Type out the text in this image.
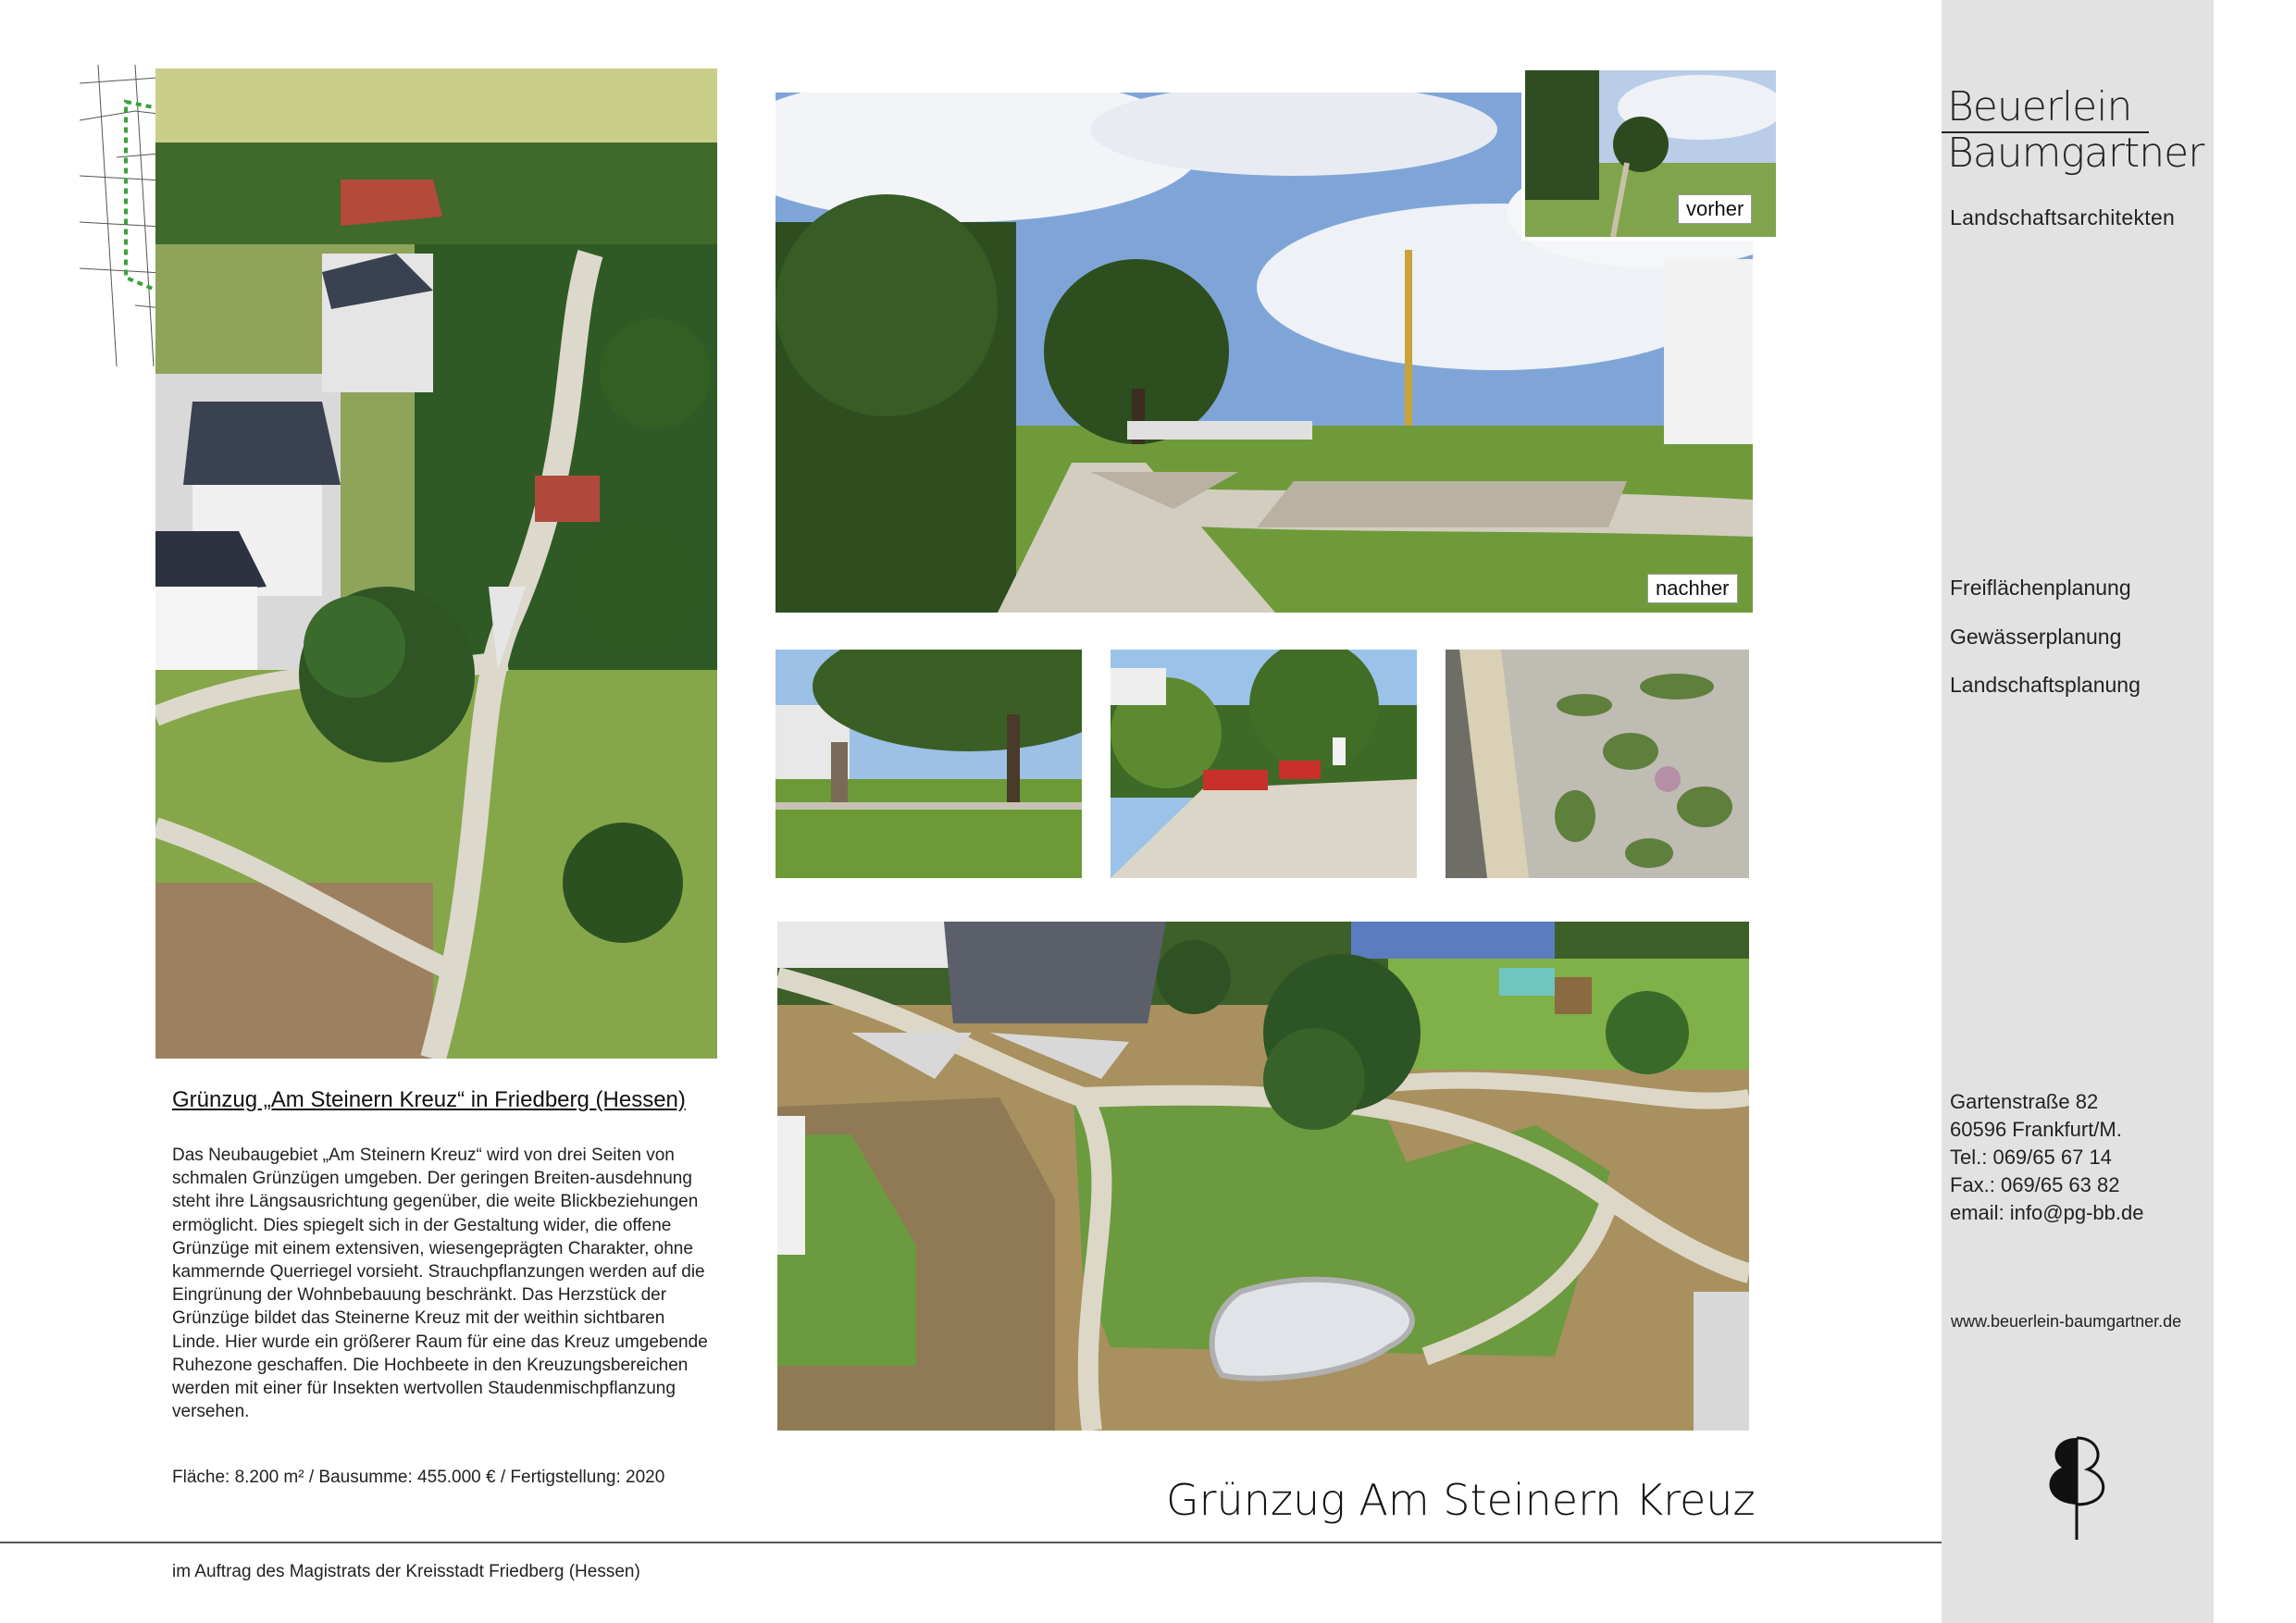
nachher
vorher
Grünzug „Am Steinern Kreuz“ in Friedberg (Hessen)
Das Neubaugebiet „Am Steinern Kreuz“ wird von drei Seiten von schmalen Grünzügen umgeben. Der geringen Breiten-ausdehnung steht ihre Längsausrichtung gegenüber, die weite Blickbeziehungen ermöglicht. Dies spiegelt sich in der Gestaltung wider, die offene Grünzüge mit einem extensiven, wiesengeprägten Charakter, ohne kammernde Querriegel vorsieht. Strauchpflanzungen werden auf die Eingrünung der Wohnbebauung beschränkt. Das Herzstück der Grünzüge bildet das Steinerne Kreuz mit der weithin sichtbaren Linde. Hier wurde ein größerer Raum für eine das Kreuz umgebende Ruhezone geschaffen. Die Hochbeete in den Kreuzungsbereichen werden mit einer für Insekten wertvollen Staudenmischpflanzung versehen.
Fläche: 8.200 m² / Bausumme: 455.000 € / Fertigstellung: 2020	Grünzug Am Steinern Kreuz
im Auftrag des Magistrats der Kreisstadt Friedberg (Hessen)
Beuerlein
Baumgartner
Landschaftsarchitekten
Freiflächenplanung
Gewässerplanung
Landschaftsplanung
Gartenstraße 82
60596 Frankfurt/M.
Tel.: 069/65 67 14
Fax.: 069/65 63 82
email: info@pg-bb.de
www.beuerlein-baumgartner.de
